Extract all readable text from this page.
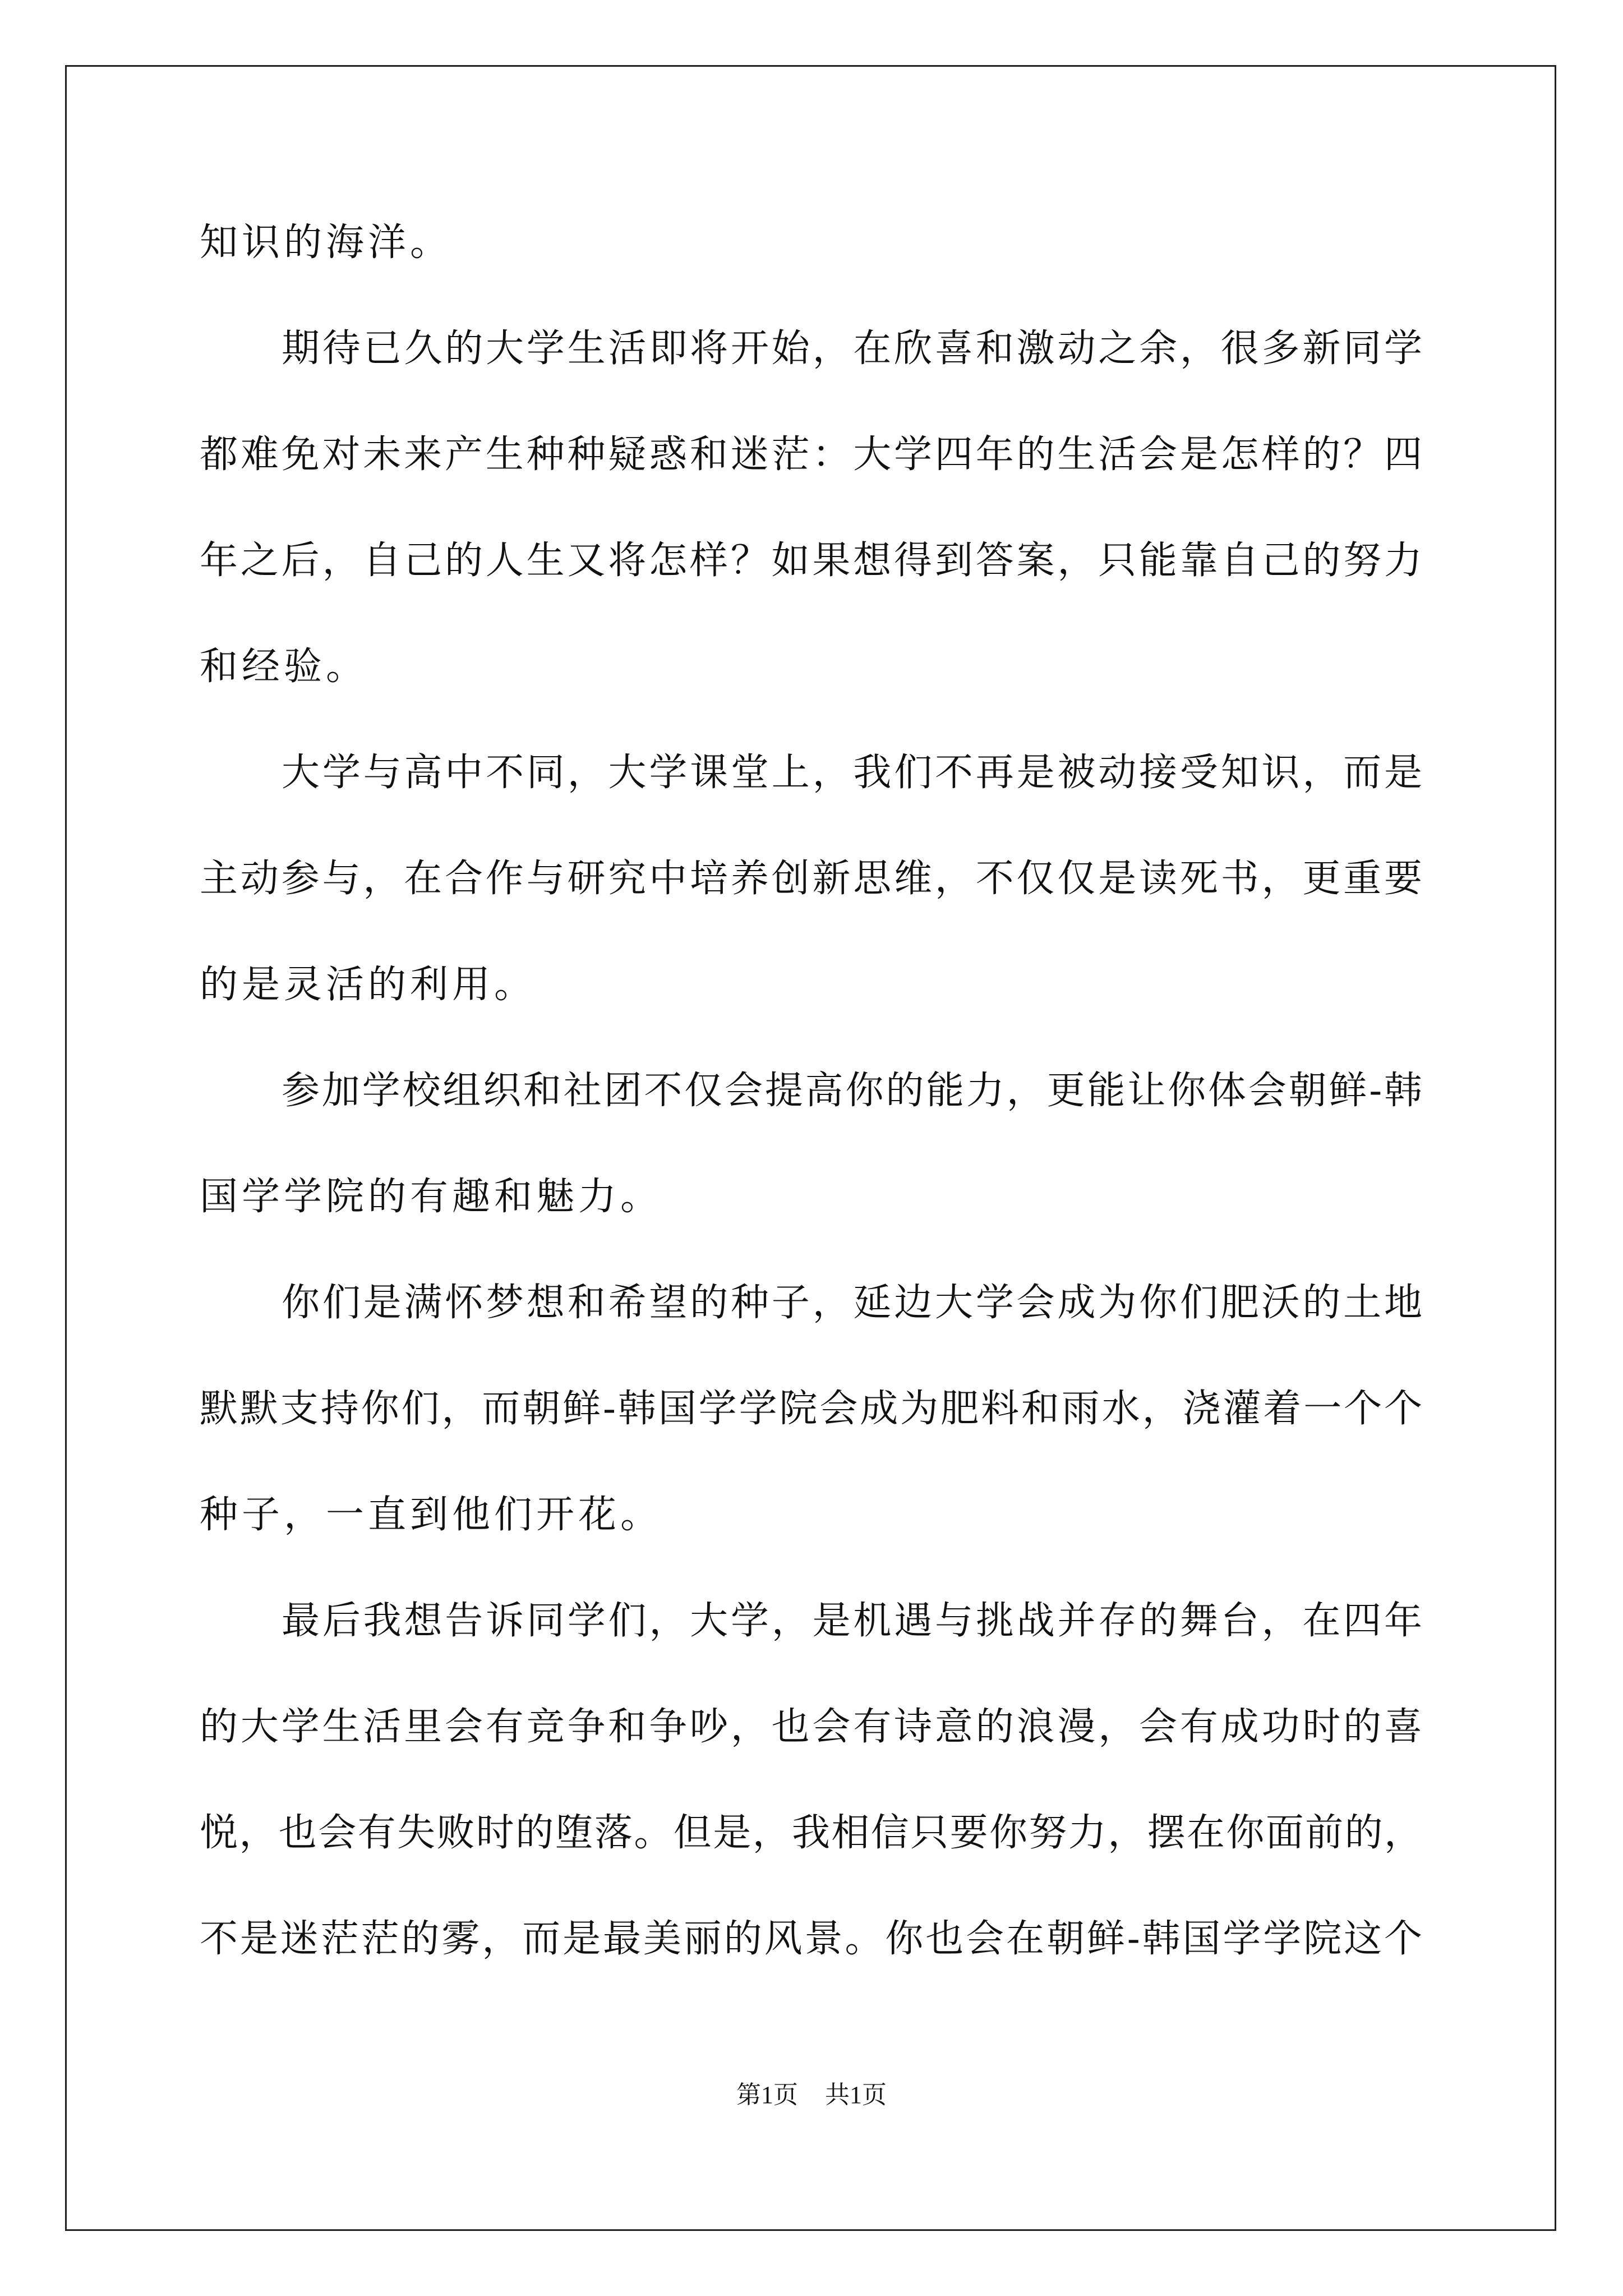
知识的海洋。
期待已久的大学生活即将开始，在欣喜和激动之余，很多新同学
都难免对未来产生种种疑惑和迷茫：大学四年的生活会是怎样的？四
年之后，自己的人生又将怎样？如果想得到答案，只能靠自己的努力
和经验。
大学与高中不同，大学课堂上，我们不再是被动接受知识，而是
主动参与，在合作与研究中培养创新思维，不仅仅是读死书，更重要
的是灵活的利用。
参加学校组织和社团不仅会提高你的能力，更能让你体会朝鲜-韩
国学学院的有趣和魅力。
你们是满怀梦想和希望的种子，延边大学会成为你们肥沃的土地
默默支持你们，而朝鲜-韩国学学院会成为肥料和雨水，浇灌着一个个
种子，一直到他们开花。
最后我想告诉同学们，大学，是机遇与挑战并存的舞台，在四年
的大学生活里会有竞争和争吵，也会有诗意的浪漫，会有成功时的喜
悦，也会有失败时的堕落。但是，我相信只要你努力，摆在你面前的，
不是迷茫茫的雾，而是最美丽的风景。你也会在朝鲜-韩国学学院这个
第1页 共1页
